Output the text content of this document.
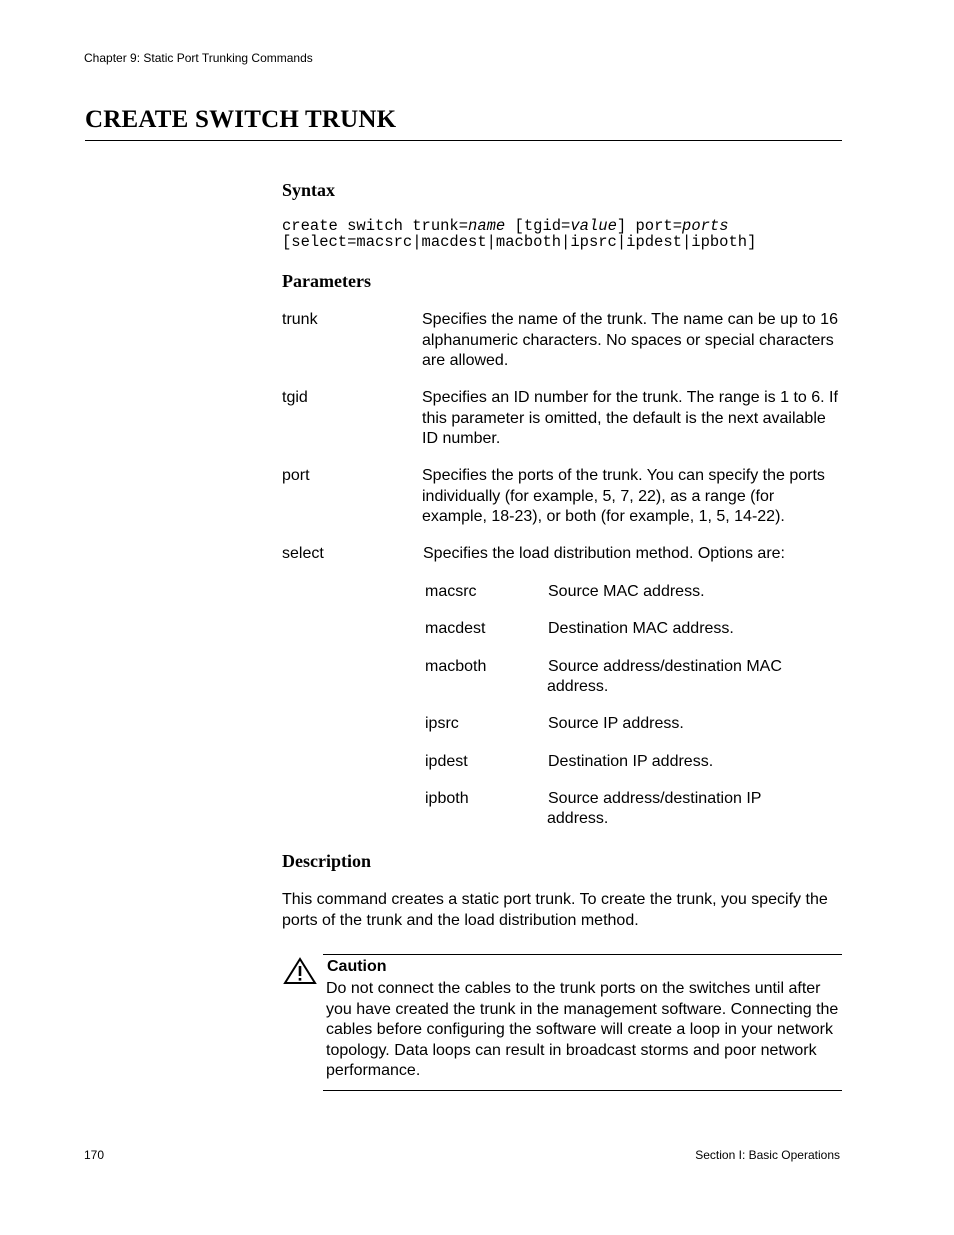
Chapter 9: Static Port Trunking Commands
CREATE SWITCH TRUNK
Syntax
create switch trunk=name [tgid=value] port=ports
[select=macsrc|macdest|macboth|ipsrc|ipdest|ipboth]
Parameters
trunk	Specifies the name of the trunk. The name can be up to 16 alphanumeric characters. No spaces or special characters are allowed.
tgid	Specifies an ID number for the trunk. The range is 1 to 6. If this parameter is omitted, the default is the next available ID number.
port	Specifies the ports of the trunk. You can specify the ports individually (for example, 5, 7, 22), as a range (for example, 18-23), or both (for example, 1, 5, 14-22).
select	Specifies the load distribution method. Options are:
macsrc	Source MAC address.
macdest	Destination MAC address.
macboth	Source address/destination MAC
address.
ipsrc	Source IP address.
ipdest	Destination IP address.
ipboth	Source address/destination IP
address.
Description
This command creates a static port trunk. To create the trunk, you specify the ports of the trunk and the load distribution method.
Caution
Do not connect the cables to the trunk ports on the switches until after you have created the trunk in the management software. Connecting the cables before configuring the software will create a loop in your network topology. Data loops can result in broadcast storms and poor network performance.
170	Section I: Basic Operations
